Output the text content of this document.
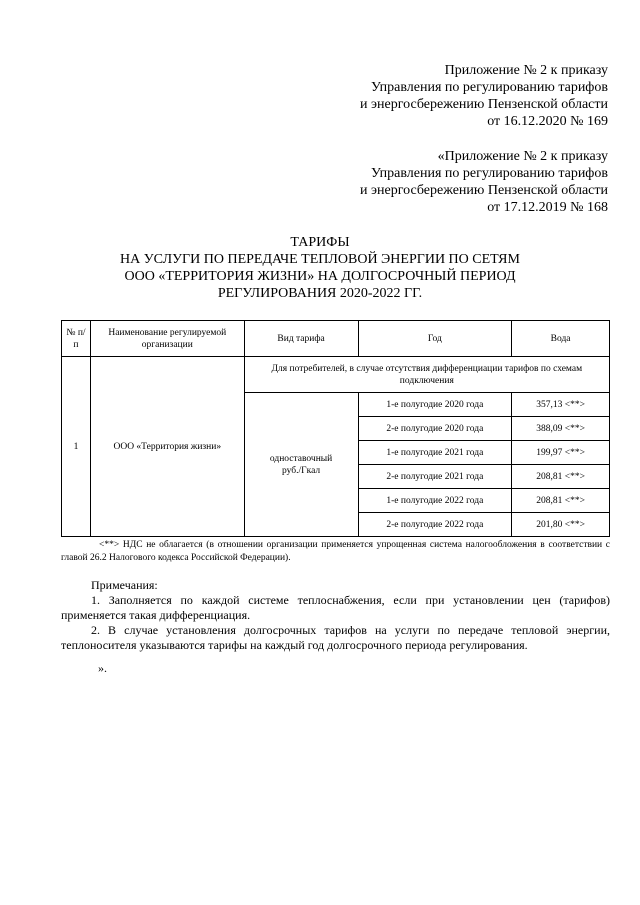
Приложение № 2 к приказу
Управления по регулированию тарифов
и энергосбережению Пензенской области
от 16.12.2020 № 169
«Приложение № 2 к приказу
Управления по регулированию тарифов
и энергосбережению Пензенской области
от 17.12.2019 № 168
ТАРИФЫ
НА УСЛУГИ ПО ПЕРЕДАЧЕ ТЕПЛОВОЙ ЭНЕРГИИ ПО СЕТЯМ
ООО «ТЕРРИТОРИЯ ЖИЗНИ» НА ДОЛГОСРОЧНЫЙ ПЕРИОД
РЕГУЛИРОВАНИЯ 2020-2022 ГГ.
№ п/п	Наименование регулируемой организации	Вид тарифа	Год	Вода
1	ООО «Территория жизни»	Для потребителей, в случае отсутствия дифференциации тарифов по схемам подключения		
		одноставочный руб./Гкал	1-е полугодие 2020 года	357,13 <**>
			2-е полугодие 2020 года	388,09 <**>
			1-е полугодие 2021 года	199,97 <**>
			2-е полугодие 2021 года	208,81 <**>
			1-е полугодие 2022 года	208,81 <**>
			2-е полугодие 2022 года	201,80 <**>
<**> НДС не облагается (в отношении организации применяется упрощенная система налогообложения в соответствии с главой 26.2 Налогового кодекса Российской Федерации).

Примечания:

1. Заполняется по каждой системе теплоснабжения, если при установлении цен (тарифов) применяется такая дифференциация.

2. В случае установления долгосрочных тарифов на услуги по передаче тепловой энергии, теплоносителя указываются тарифы на каждый год долгосрочного периода регулирования.

».
